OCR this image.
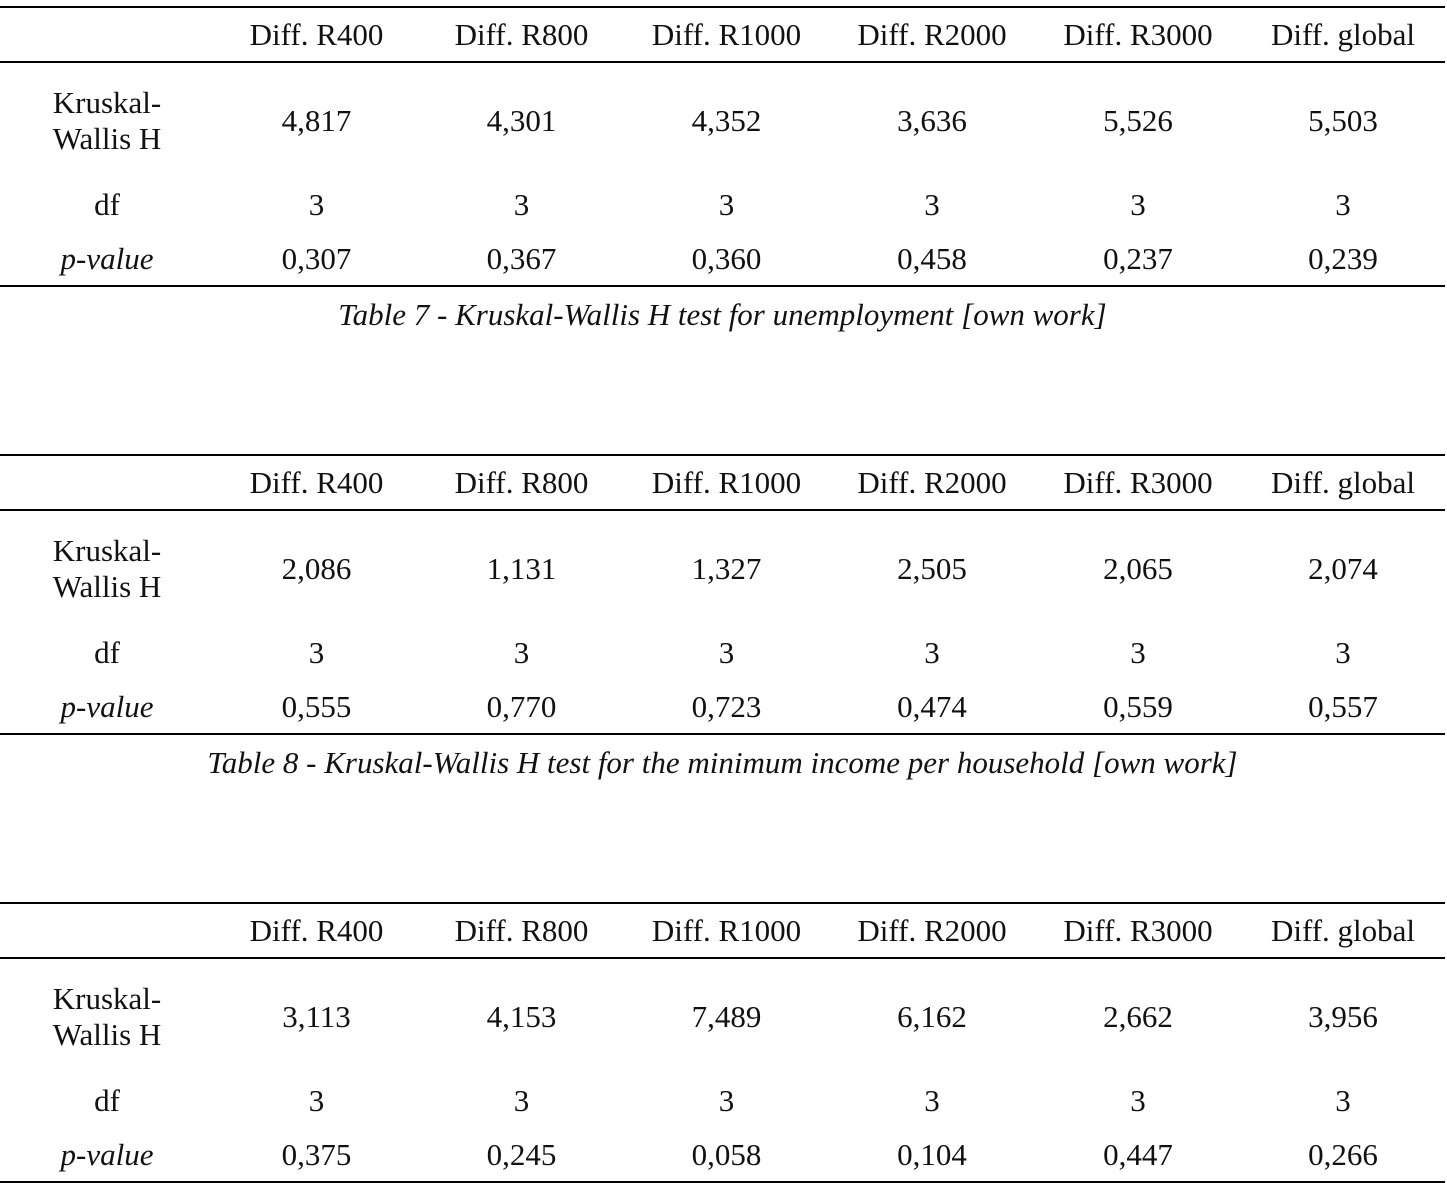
	Diff. R400	Diff. R800	Diff. R1000	Diff. R2000	Diff. R3000	Diff. global
Kruskal-
Wallis H	4,817	4,301	4,352	3,636	5,526	5,503
df	3	3	3	3	3	3
p-value	0,307	0,367	0,360	0,458	0,237	0,239
Table 7 - Kruskal-Wallis H test for unemployment [own work]
	Diff. R400	Diff. R800	Diff. R1000	Diff. R2000	Diff. R3000	Diff. global
Kruskal-
Wallis H	2,086	1,131	1,327	2,505	2,065	2,074
df	3	3	3	3	3	3
p-value	0,555	0,770	0,723	0,474	0,559	0,557
Table 8 - Kruskal-Wallis H test for the minimum income per household [own work]
	Diff. R400	Diff. R800	Diff. R1000	Diff. R2000	Diff. R3000	Diff. global
Kruskal-
Wallis H	3,113	4,153	7,489	6,162	2,662	3,956
df	3	3	3	3	3	3
p-value	0,375	0,245	0,058	0,104	0,447	0,266
